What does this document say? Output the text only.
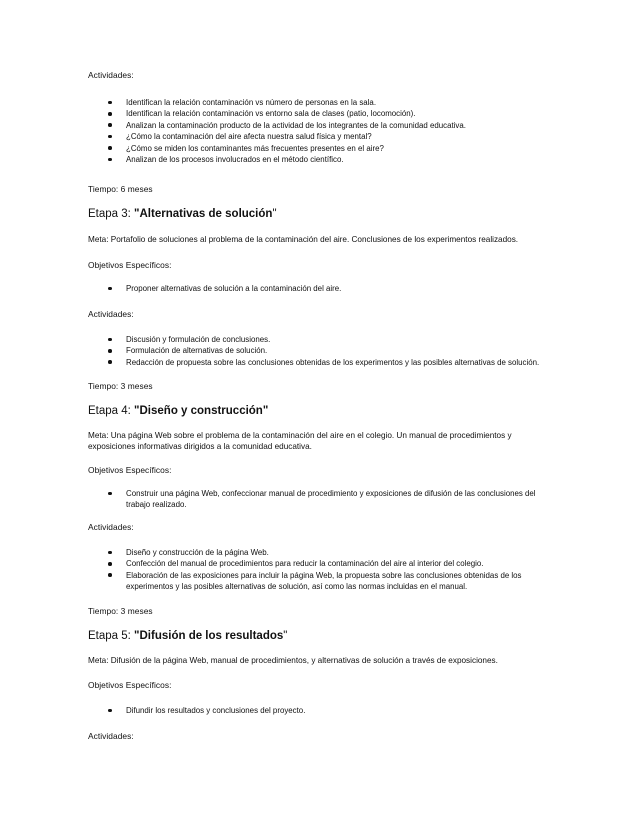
Actividades:
Identifican la relación contaminación vs número de personas en la sala.
Identifican la relación contaminación vs entorno sala de clases (patio, locomoción).
Analizan la contaminación producto de la actividad de los integrantes de la comunidad educativa.
¿Cómo la contaminación del aire afecta nuestra salud física y mental?
¿Cómo se miden los contaminantes más frecuentes presentes en el aire?
Analizan de los procesos involucrados en el método científico.
Tiempo: 6 meses
Etapa 3: "Alternativas de solución"
Meta: Portafolio de soluciones al problema de la contaminación del aire. Conclusiones de los experimentos realizados.
Objetivos Específicos:
Proponer alternativas de solución a la contaminación del aire.
Actividades:
Discusión y formulación de conclusiones.
Formulación de alternativas de solución.
Redacción de propuesta sobre las conclusiones obtenidas de los experimentos y las posibles alternativas de solución.
Tiempo: 3 meses
Etapa 4: "Diseño y construcción"
Meta: Una página Web sobre el problema de la contaminación del aire en el colegio. Un manual de procedimientos y exposiciones informativas dirigidos a la comunidad educativa.
Objetivos Específicos:
Construir una página Web, confeccionar manual de procedimiento y exposiciones de difusión de las conclusiones del trabajo realizado.
Actividades:
Diseño y construcción de la página Web.
Confección del manual de procedimientos para reducir la contaminación del aire al interior del colegio.
Elaboración de las exposiciones para incluir la página Web, la propuesta sobre las conclusiones obtenidas de los experimentos y las posibles alternativas de solución, así como las normas incluidas en el manual.
Tiempo: 3 meses
Etapa 5: "Difusión de los resultados"
Meta: Difusión de la página Web, manual de procedimientos, y alternativas de solución a través de exposiciones.
Objetivos Específicos:
Difundir los resultados y conclusiones del proyecto.
Actividades:
